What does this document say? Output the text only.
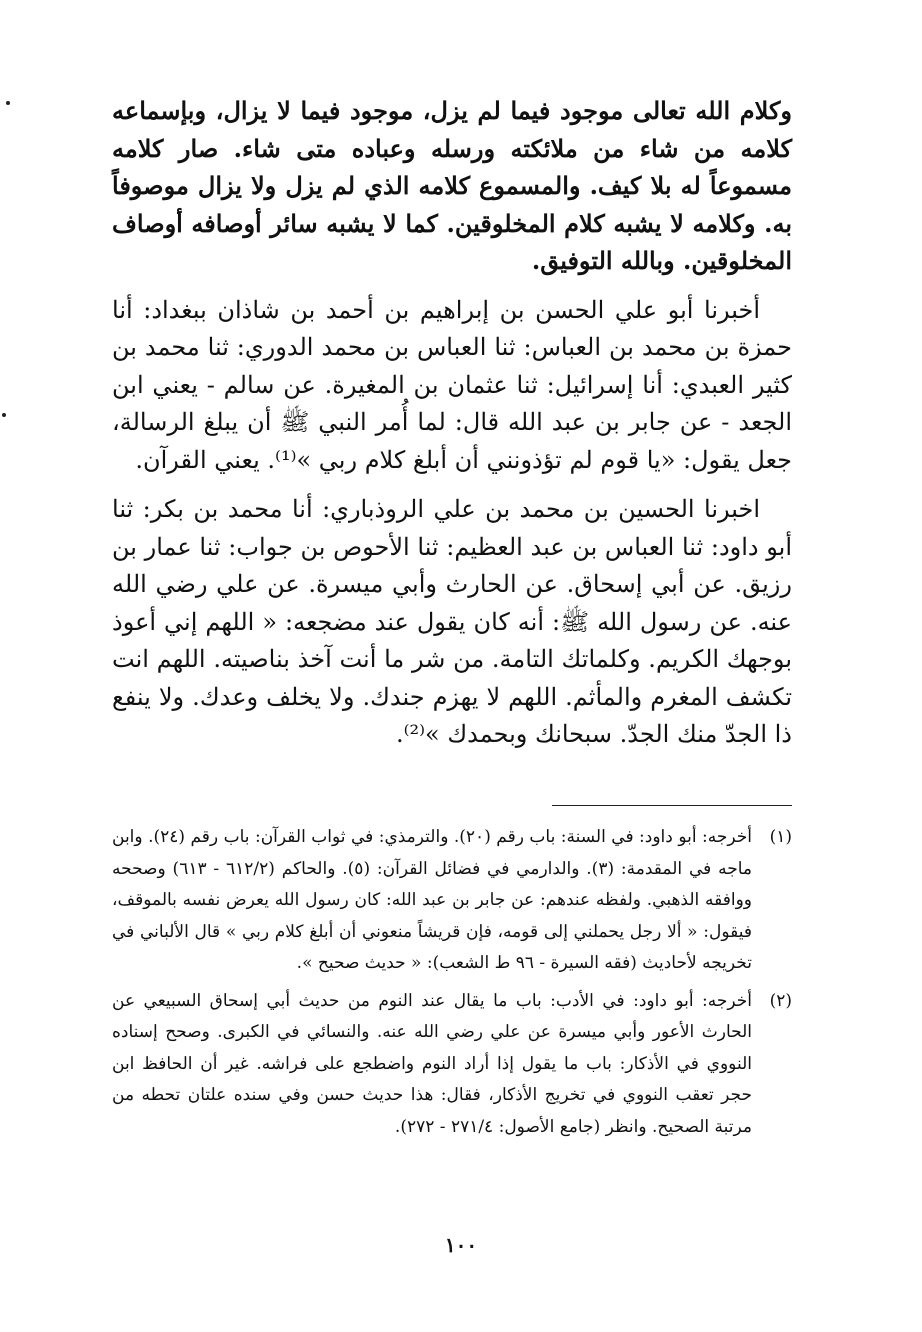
وكلام الله تعالى موجود فيما لم يزل، موجود فيما لا يزال، وبإسماعه كلامه من شاء من ملائكته ورسله وعباده متى شاء. صار كلامه مسموعاً له بلا كيف. والمسموع كلامه الذي لم يزل ولا يزال موصوفاً به. وكلامه لا يشبه كلام المخلوقين. كما لا يشبه سائر أوصافه أوصاف المخلوقين. وبالله التوفيق.

أخبرنا أبو علي الحسن بن إبراهيم بن أحمد بن شاذان ببغداد: أنا حمزة بن محمد بن العباس: ثنا العباس بن محمد الدوري: ثنا محمد بن كثير العبدي: أنا إسرائيل: ثنا عثمان بن المغيرة. عن سالم - يعني ابن الجعد - عن جابر بن عبد الله قال: لما أُمر النبي ﷺ أن يبلغ الرسالة، جعل يقول: «يا قوم لم تؤذونني أن أبلغ كلام ربي »⁽¹⁾. يعني القرآن.

اخبرنا الحسين بن محمد بن علي الروذباري: أنا محمد بن بكر: ثنا أبو داود: ثنا العباس بن عبد العظيم: ثنا الأحوص بن جواب: ثنا عمار بن رزيق. عن أبي إسحاق. عن الحارث وأبي ميسرة. عن علي رضي الله عنه. عن رسول الله ﷺ: أنه كان يقول عند مضجعه: « اللهم إني أعوذ بوجهك الكريم. وكلماتك التامة. من شر ما أنت آخذ بناصيته. اللهم انت تكشف المغرم والمأثم. اللهم لا يهزم جندك. ولا يخلف وعدك. ولا ينفع ذا الجدّ منك الجدّ. سبحانك وبحمدك »⁽²⁾.

(١)
أخرجه: أبو داود: في السنة: باب رقم (٢٠). والترمذي: في ثواب القرآن: باب رقم (٢٤). وابن ماجه في المقدمة: (٣). والدارمي في فضائل القرآن: (٥). والحاكم (٦١٢/٢ - ٦١٣) وصححه ووافقه الذهبي. ولفظه عندهم: عن جابر بن عبد الله: كان رسول الله يعرض نفسه بالموقف، فيقول: « ألا رجل يحملني إلى قومه، فإن قريشاً منعوني أن أبلغ كلام ربي » قال الألباني في تخريجه لأحاديث (فقه السيرة - ٩٦ ط الشعب): « حديث صحيح ».
(٢)
أخرجه: أبو داود: في الأدب: باب ما يقال عند النوم من حديث أبي إسحاق السبيعي عن الحارث الأعور وأبي ميسرة عن علي رضي الله عنه. والنسائي في الكبرى. وصحح إسناده النووي في الأذكار: باب ما يقول إذا أراد النوم واضطجع على فراشه. غير أن الحافظ ابن حجر تعقب النووي في تخريج الأذكار، فقال: هذا حديث حسن وفي سنده علتان تحطه من مرتبة الصحيح. وانظر (جامع الأصول: ٢٧١/٤ - ٢٧٢).
١٠٠
